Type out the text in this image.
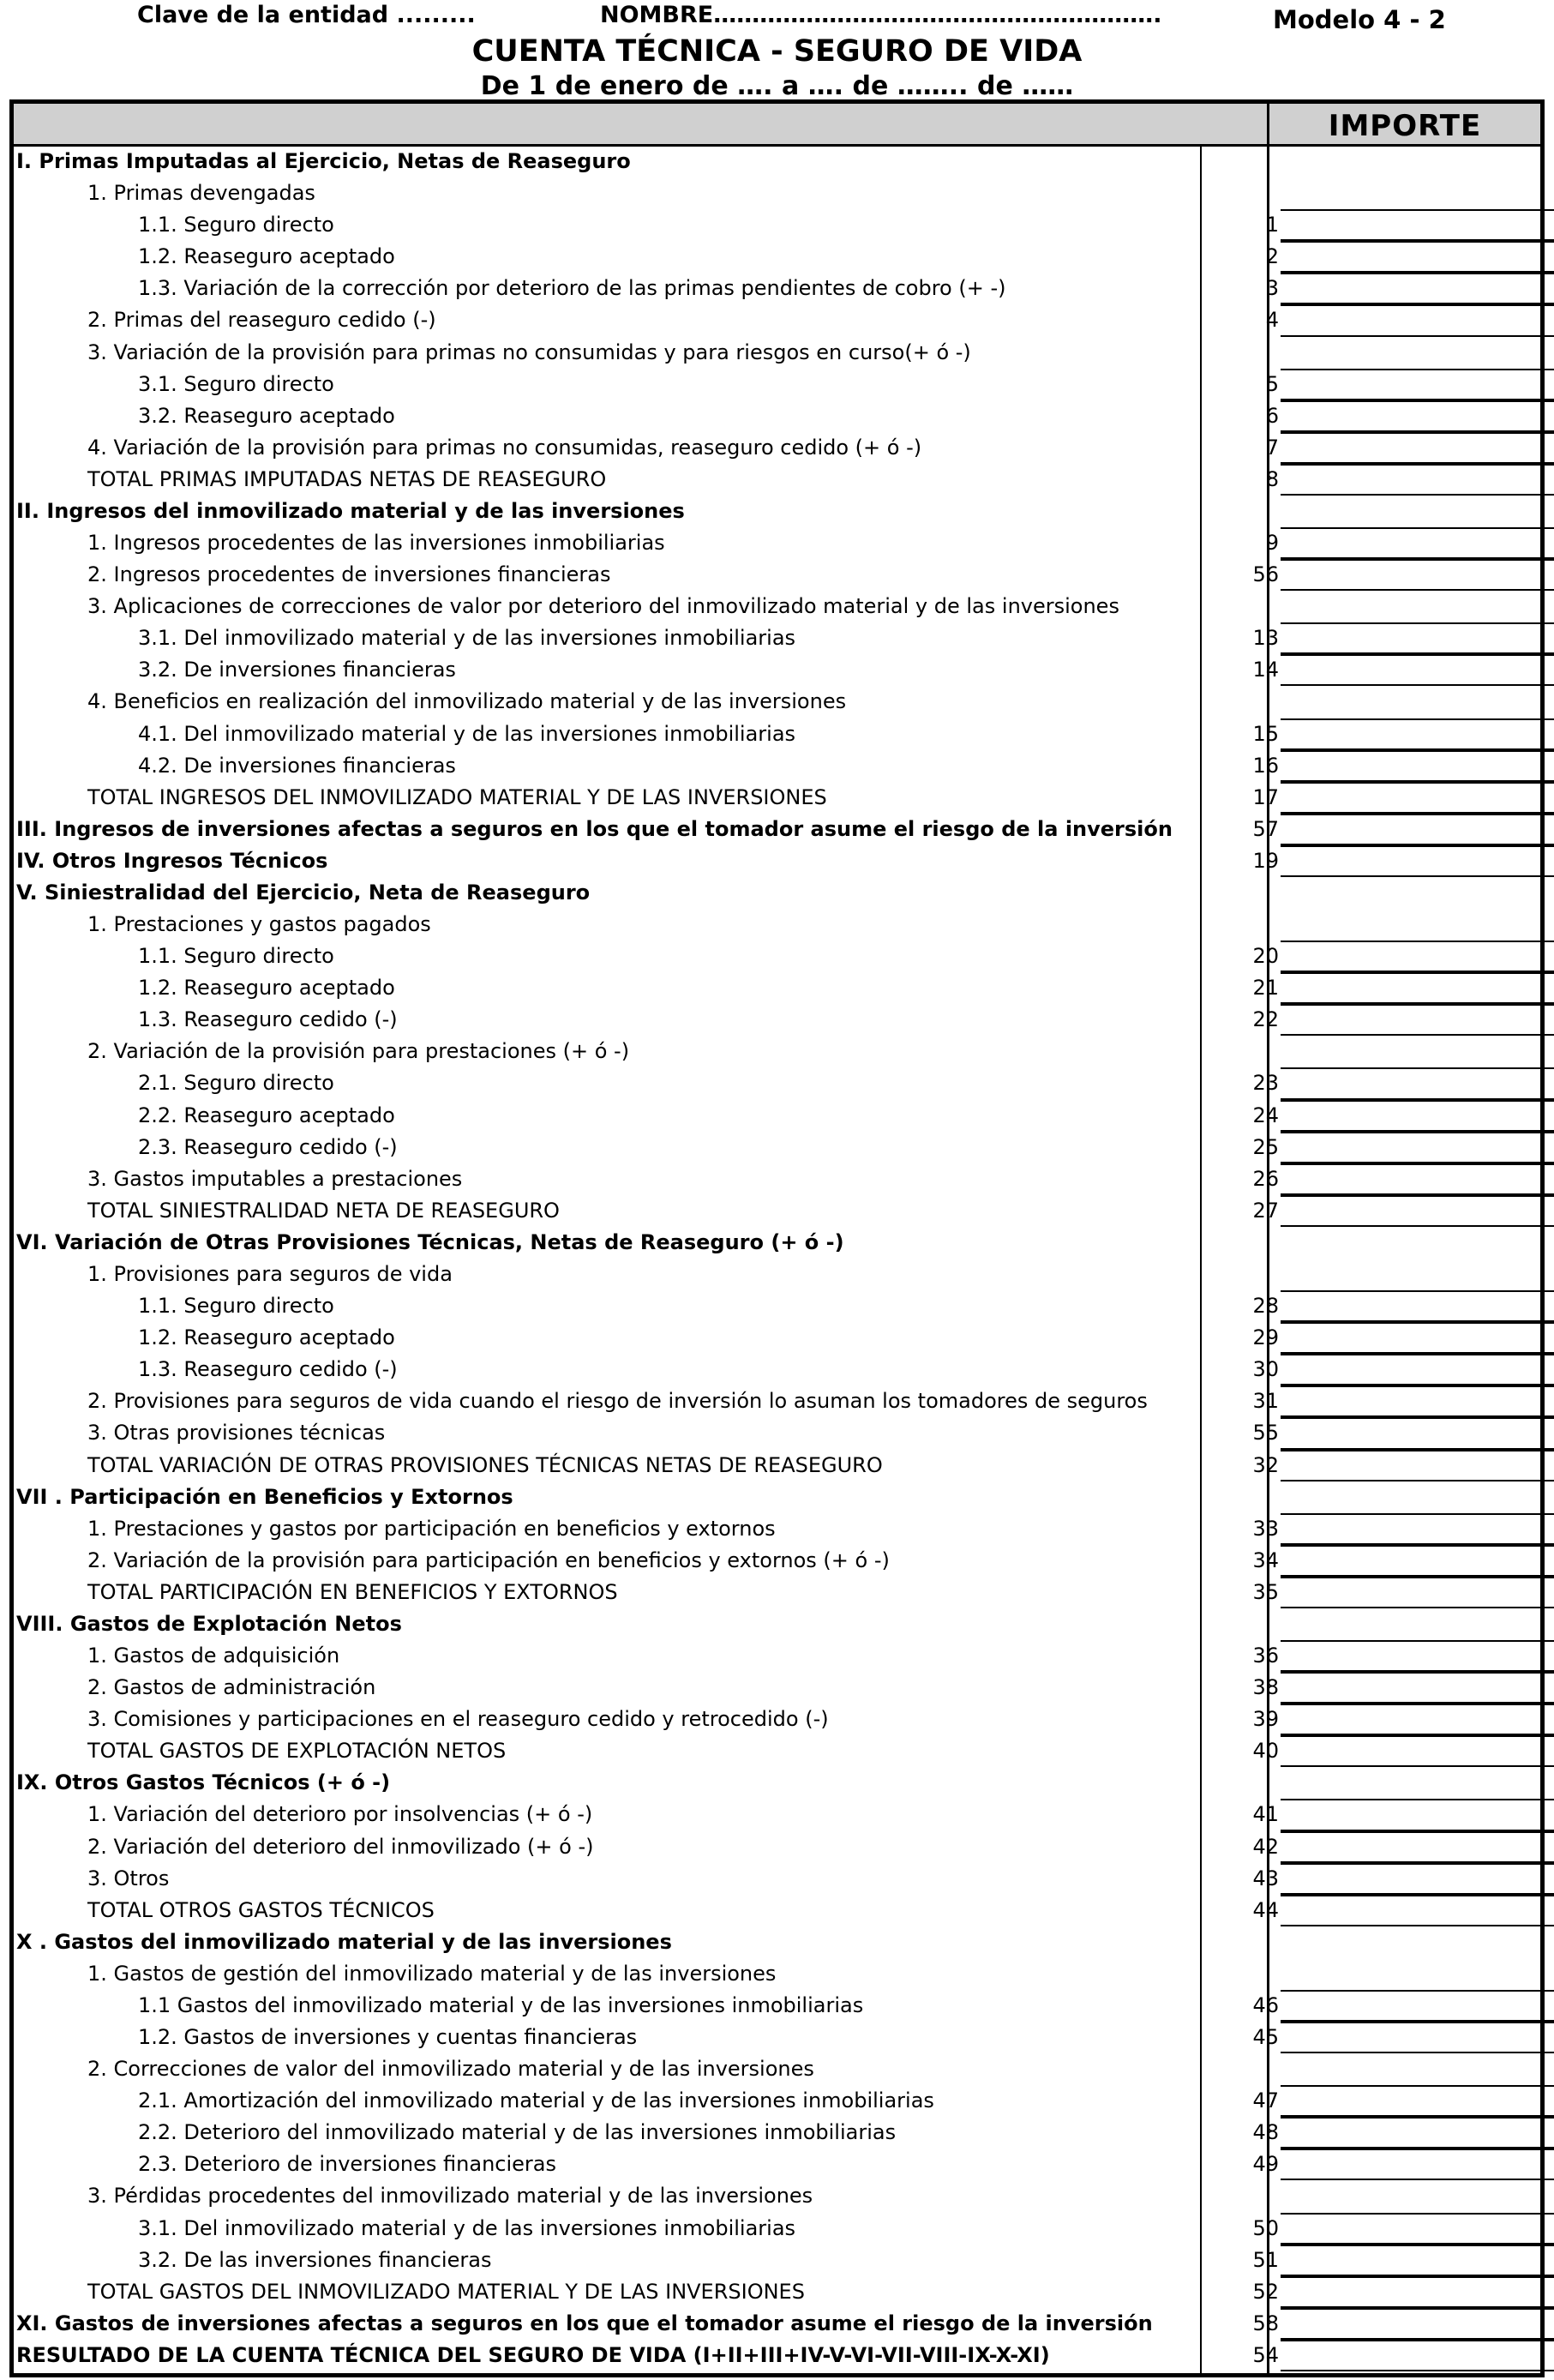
Clave de la entidad .........	NOMBRE………………………………………………….	Modelo 4 - 2
CUENTA TÉCNICA - SEGURO DE VIDA
De 1 de enero de …. a …. de …….. de ……
IMPORTE
I. Primas Imputadas al Ejercicio, Netas de Reaseguro
1. Primas devengadas
1.1. Seguro directo	1
1.2. Reaseguro aceptado	2
1.3. Variación de la corrección por deterioro de las primas pendientes de cobro (+ -)	3
2. Primas del reaseguro cedido (-)	4
3. Variación de la provisión para primas no consumidas y para riesgos en curso(+ ó -)
3.1. Seguro directo	5
3.2. Reaseguro aceptado	6
4. Variación de la provisión para primas no consumidas, reaseguro cedido (+ ó -)	7
TOTAL PRIMAS IMPUTADAS NETAS DE REASEGURO	8
II. Ingresos del inmovilizado material y de las inversiones
1. Ingresos procedentes de las inversiones inmobiliarias	9
2. Ingresos procedentes de inversiones financieras	56
3. Aplicaciones de correcciones de valor por deterioro del inmovilizado material y de las inversiones
3.1. Del inmovilizado material y de las inversiones inmobiliarias	13
3.2. De inversiones financieras	14
4. Beneficios en realización del inmovilizado material y de las inversiones
4.1. Del inmovilizado material y de las inversiones inmobiliarias	15
4.2. De inversiones financieras	16
TOTAL INGRESOS DEL INMOVILIZADO MATERIAL Y DE LAS INVERSIONES	17
III. Ingresos de inversiones afectas a seguros en los que el tomador asume el riesgo de la inversión	57
IV. Otros Ingresos Técnicos	19
V. Siniestralidad del Ejercicio, Neta de Reaseguro
1. Prestaciones y gastos pagados
1.1. Seguro directo	20
1.2. Reaseguro aceptado	21
1.3. Reaseguro cedido (-)	22
2. Variación de la provisión para prestaciones (+ ó -)
2.1. Seguro directo	23
2.2. Reaseguro aceptado	24
2.3. Reaseguro cedido (-)	25
3. Gastos imputables a prestaciones	26
TOTAL SINIESTRALIDAD NETA DE REASEGURO	27
VI. Variación de Otras Provisiones Técnicas, Netas de Reaseguro (+ ó -)
1. Provisiones para seguros de vida
1.1. Seguro directo	28
1.2. Reaseguro aceptado	29
1.3. Reaseguro cedido (-)	30
2. Provisiones para seguros de vida cuando el riesgo de inversión lo asuman los tomadores de seguros	31
3. Otras provisiones técnicas	55
TOTAL VARIACIÓN DE OTRAS PROVISIONES TÉCNICAS NETAS DE REASEGURO	32
VII . Participación en Beneficios y Extornos
1. Prestaciones y gastos por participación en beneficios y extornos	33
2. Variación de la provisión para participación en beneficios y extornos (+ ó -)	34
TOTAL PARTICIPACIÓN EN BENEFICIOS Y EXTORNOS	35
VIII. Gastos de Explotación Netos
1. Gastos de adquisición	36
2. Gastos de administración	38
3. Comisiones y participaciones en el reaseguro cedido y retrocedido (-)	39
TOTAL GASTOS DE EXPLOTACIÓN NETOS	40
IX. Otros Gastos Técnicos (+ ó -)
1. Variación del deterioro por insolvencias (+ ó -)	41
2. Variación del deterioro del inmovilizado (+ ó -)	42
3. Otros	43
TOTAL OTROS GASTOS TÉCNICOS	44
X . Gastos del inmovilizado material y de las inversiones
1. Gastos de gestión del inmovilizado material y de las inversiones
1.1 Gastos del inmovilizado material y de las inversiones inmobiliarias	46
1.2. Gastos de inversiones y cuentas financieras	45
2. Correcciones de valor del inmovilizado material y de las inversiones
2.1. Amortización del inmovilizado material y de las inversiones inmobiliarias	47
2.2. Deterioro del inmovilizado material y de las inversiones inmobiliarias	48
2.3. Deterioro de inversiones financieras	49
3. Pérdidas procedentes del inmovilizado material y de las inversiones
3.1. Del inmovilizado material y de las inversiones inmobiliarias	50
3.2. De las inversiones financieras	51
TOTAL GASTOS DEL INMOVILIZADO MATERIAL Y DE LAS INVERSIONES	52
XI. Gastos de inversiones afectas a seguros en los que el tomador asume el riesgo de la inversión	58
RESULTADO DE LA CUENTA TÉCNICA DEL SEGURO DE VIDA (I+II+III+IV-V-VI-VII-VIII-IX-X-XI)	54
